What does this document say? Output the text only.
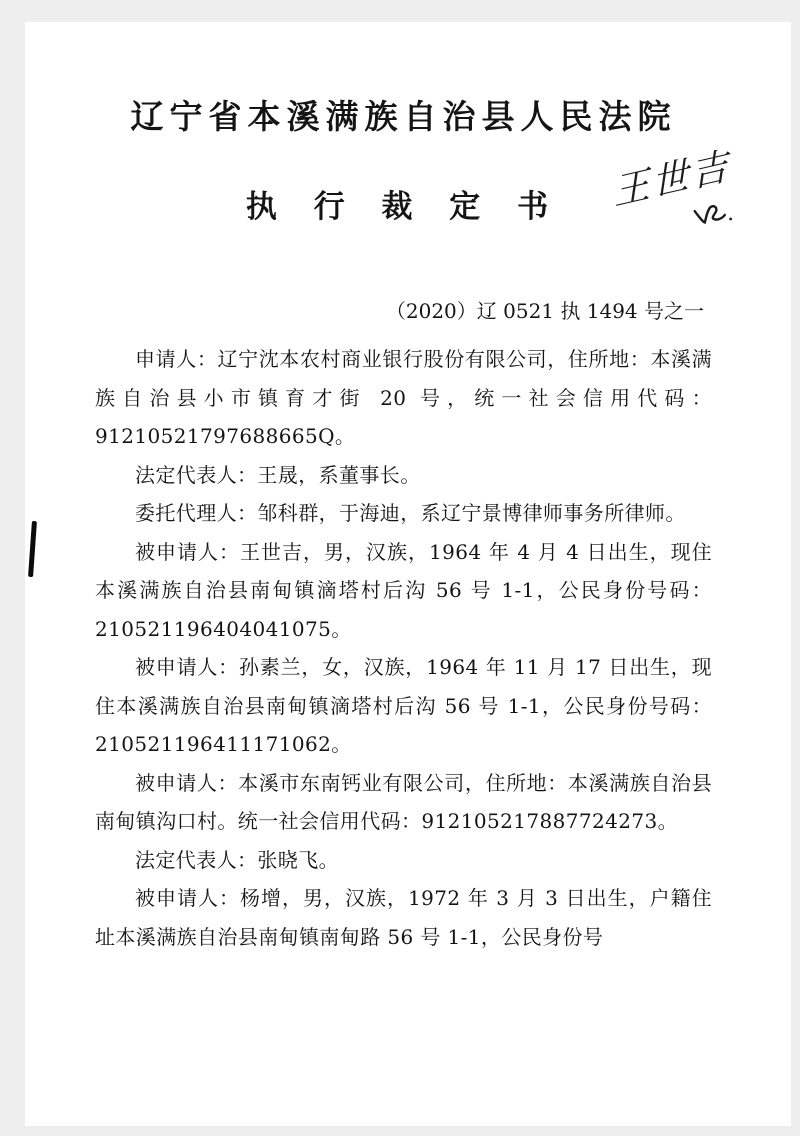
王世吉
辽宁省本溪满族自治县人民法院
执 行 裁 定 书
（2020）辽 0521 执 1494 号之一

申请人：辽宁沈本农村商业银行股份有限公司，住所地：本溪满族自治县小市镇育才街 20 号，统一社会信用代码：91210521797688665Q。

法定代表人：王晟，系董事长。

委托代理人：邹科群，于海迪，系辽宁景博律师事务所律师。

被申请人：王世吉，男，汉族，1964 年 4 月 4 日出生，现住本溪满族自治县南甸镇滴塔村后沟 56 号 1-1，公民身份号码：210521196404041075。

被申请人：孙素兰，女，汉族，1964 年 11 月 17 日出生，现住本溪满族自治县南甸镇滴塔村后沟 56 号 1-1，公民身份号码：210521196411171062。

被申请人：本溪市东南钙业有限公司，住所地：本溪满族自治县南甸镇沟口村。统一社会信用代码：912105217887724273。

法定代表人：张晓飞。

被申请人：杨增，男，汉族，1972 年 3 月 3 日出生，户籍住址本溪满族自治县南甸镇南甸路 56 号 1-1，公民身份号
